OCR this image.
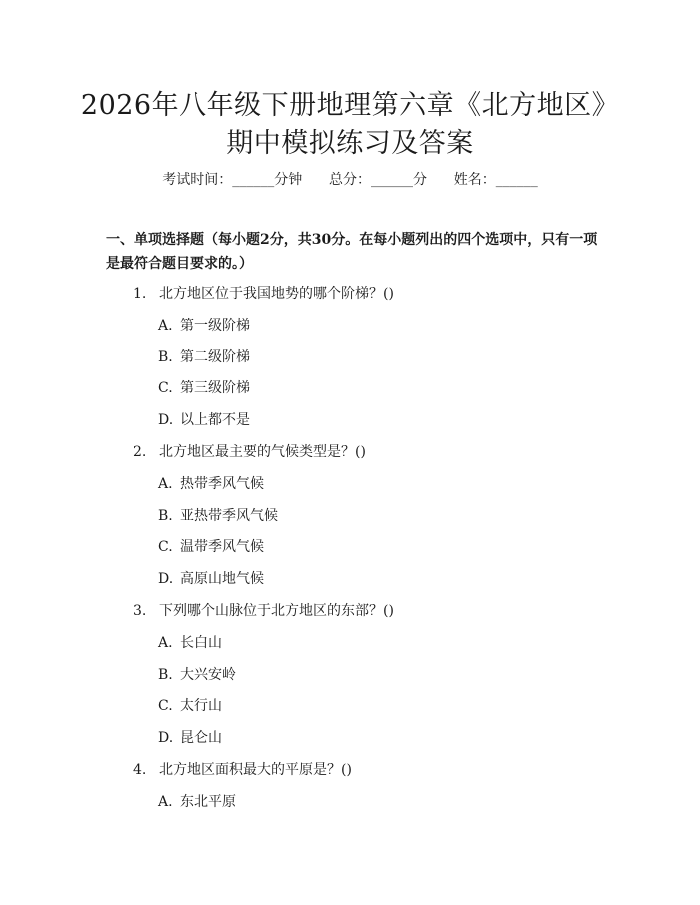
2026年八年级下册地理第六章《北方地区》
期中模拟练习及答案
考试时间：______分钟      总分：______分      姓名：______
一、单项选择题（每小题2分，共30分。在每小题列出的四个选项中，只有一项是最符合题目要求的。）
1. 北方地区位于我国地势的哪个阶梯？()
A. 第一级阶梯
B. 第二级阶梯
C. 第三级阶梯
D. 以上都不是
2. 北方地区最主要的气候类型是？()
A. 热带季风气候
B. 亚热带季风气候
C. 温带季风气候
D. 高原山地气候
3. 下列哪个山脉位于北方地区的东部？()
A. 长白山
B. 大兴安岭
C. 太行山
D. 昆仑山
4. 北方地区面积最大的平原是？()
A. 东北平原
